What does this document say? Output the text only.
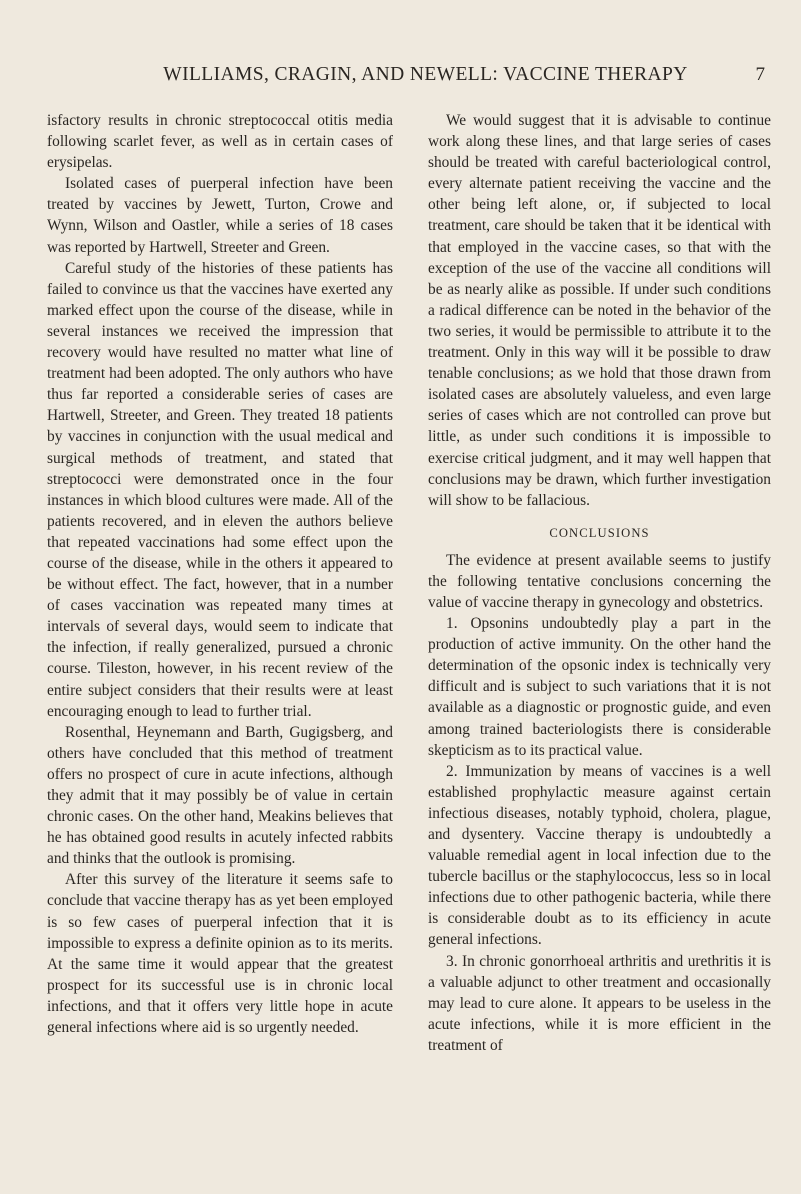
WILLIAMS, CRAGIN, AND NEWELL: VACCINE THERAPY	7

isfactory results in chronic streptococcal otitis media following scarlet fever, as well as in certain cases of erysipelas.

Isolated cases of puerperal infection have been treated by vaccines by Jewett, Turton, Crowe and Wynn, Wilson and Oastler, while a series of 18 cases was reported by Hartwell, Streeter and Green.

Careful study of the histories of these patients has failed to convince us that the vaccines have exerted any marked effect upon the course of the disease, while in several instances we received the impression that recovery would have resulted no matter what line of treatment had been adopted. The only authors who have thus far reported a considerable series of cases are Hartwell, Streeter, and Green. They treated 18 patients by vaccines in conjunction with the usual medical and surgical methods of treatment, and stated that streptococci were demonstrated once in the four instances in which blood cultures were made. All of the patients recovered, and in eleven the authors believe that repeated vaccinations had some effect upon the course of the disease, while in the others it appeared to be without effect. The fact, however, that in a number of cases vaccination was repeated many times at intervals of several days, would seem to indicate that the infection, if really generalized, pursued a chronic course. Tileston, however, in his recent review of the entire subject considers that their results were at least encouraging enough to lead to further trial.

Rosenthal, Heynemann and Barth, Gugigsberg, and others have concluded that this method of treatment offers no prospect of cure in acute infections, although they admit that it may possibly be of value in certain chronic cases. On the other hand, Meakins believes that he has obtained good results in acutely infected rabbits and thinks that the outlook is promising.

After this survey of the literature it seems safe to conclude that vaccine therapy has as yet been employed is so few cases of puerperal infection that it is impossible to express a definite opinion as to its merits. At the same time it would appear that the greatest prospect for its successful use is in chronic local infections, and that it offers very little hope in acute general infections where aid is so urgently needed.

We would suggest that it is advisable to continue work along these lines, and that large series of cases should be treated with careful bacteriological control, every alternate patient receiving the vaccine and the other being left alone, or, if subjected to local treatment, care should be taken that it be identical with that employed in the vaccine cases, so that with the exception of the use of the vaccine all conditions will be as nearly alike as possible. If under such conditions a radical difference can be noted in the behavior of the two series, it would be permissible to attribute it to the treatment. Only in this way will it be possible to draw tenable conclusions; as we hold that those drawn from isolated cases are absolutely valueless, and even large series of cases which are not controlled can prove but little, as under such conditions it is impossible to exercise critical judgment, and it may well happen that conclusions may be drawn, which further investigation will show to be fallacious.

CONCLUSIONS

The evidence at present available seems to justify the following tentative conclusions concerning the value of vaccine therapy in gynecology and obstetrics.

1. Opsonins undoubtedly play a part in the production of active immunity. On the other hand the determination of the opsonic index is technically very difficult and is subject to such variations that it is not available as a diagnostic or prognostic guide, and even among trained bacteriologists there is considerable skepticism as to its practical value.

2. Immunization by means of vaccines is a well established prophylactic measure against certain infectious diseases, notably typhoid, cholera, plague, and dysentery. Vaccine therapy is undoubtedly a valuable remedial agent in local infection due to the tubercle bacillus or the staphylococcus, less so in local infections due to other pathogenic bacteria, while there is considerable doubt as to its efficiency in acute general infections.

3. In chronic gonorrhoeal arthritis and urethritis it is a valuable adjunct to other treatment and occasionally may lead to cure alone. It appears to be useless in the acute infections, while it is more efficient in the treatment of
